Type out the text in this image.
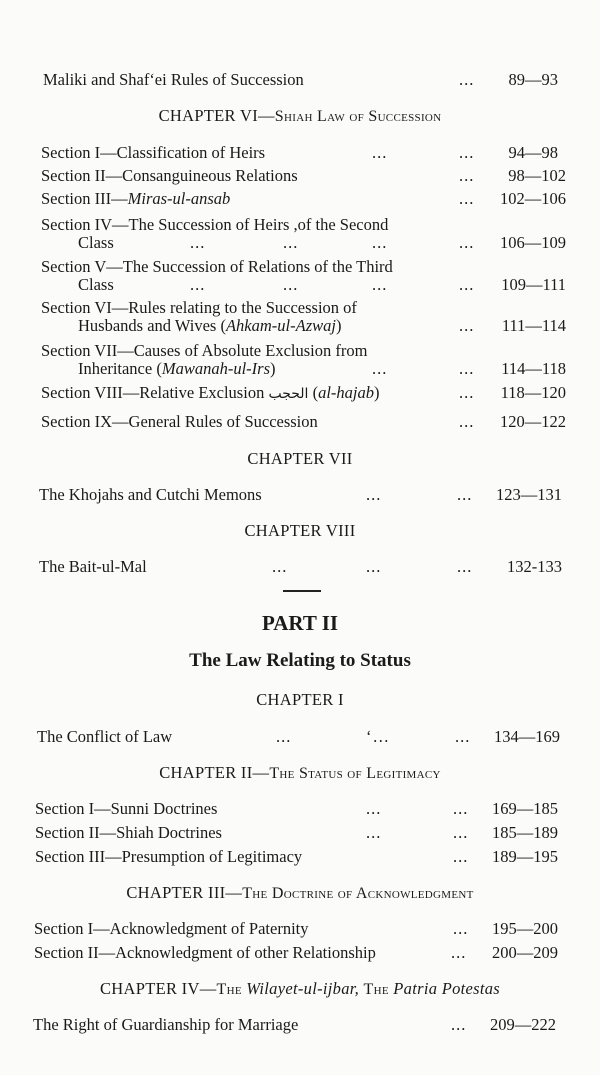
Maliki and Shaf‘ei Rules of Succession	...	89—93
CHAPTER VI—Shiah Law of Succession
Section I—Classification of Heirs	...	...	94—98
Section II—Consanguineous Relations	...	98—102
Section III—Miras-ul-ansab	...	102—106
Section IV—The Succession of Heirs ,of the Second
Class	...	...	...	...	106—109
Section V—The Succession of Relations of the Third
Class	...	...	...	...	109—111
Section VI—Rules relating to the Succession of
Husbands and Wives (Ahkam-ul-Azwaj)	...	111—114
Section VII—Causes of Absolute Exclusion from
Inheritance (Mawanah-ul-Irs)	...	...	114—118
Section VIII—Relative Exclusion الحجب (al-hajab)	...	118—120
Section IX—General Rules of Succession	...	120—122
CHAPTER VII
The Khojahs and Cutchi Memons	...	...	123—131
CHAPTER VIII
The Bait-ul-Mal	...	...	...	132-133
PART II
The Law Relating to Status
CHAPTER I
The Conflict of Law	...	‘…	...	134—169
CHAPTER II—The Status of Legitimacy
Section I—Sunni Doctrines	...	...	169—185
Section II—Shiah Doctrines	...	...	185—189
Section III—Presumption of Legitimacy	...	189—195
CHAPTER III—The Doctrine of Acknowledgment
Section I—Acknowledgment of Paternity	...	195—200
Section II—Acknowledgment of other Relationship	...	200—209
CHAPTER IV—The Wilayet-ul-ijbar, The Patria Potestas
The Right of Guardianship for Marriage	...	209—222
